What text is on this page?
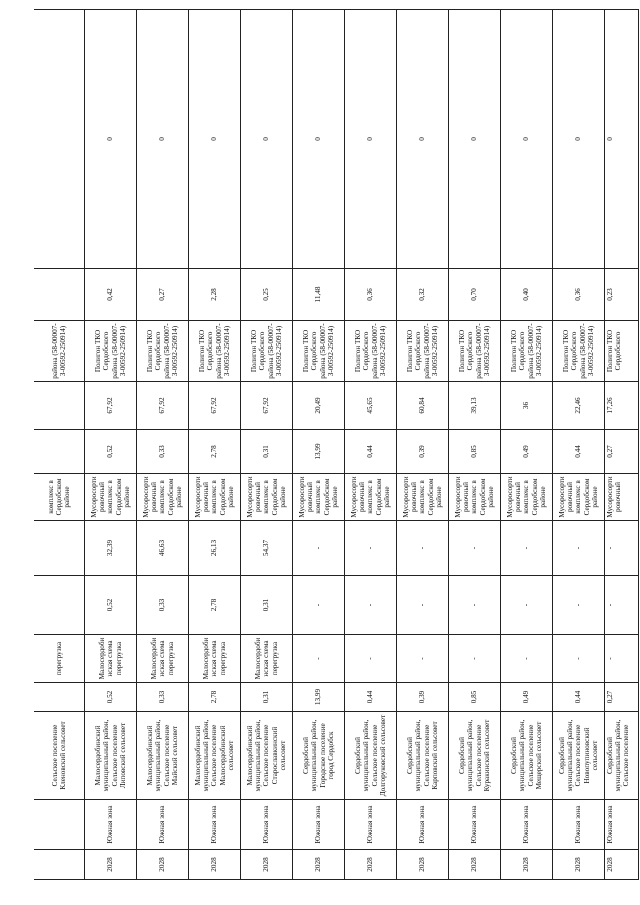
		Сельское поселение Кленовский сельсовет		перегрузка			комплекс в Сердобском районе			района (58-00007-З-00592-250914)		
2028	Южная зона	Малосердобинский муниципальный район, Сельское поселение Липовский сельсовет	0,52	Малосердобинская схема перегрузка	0,52	32,39	Мусоросортировочный комплекс в Сердобском районе	0,52	67,92	Полигон ТКО Сердобского района (58-00007-З-00592-250914)	0,42	0
2028	Южная зона	Малосердобинский муниципальный район, Сельское поселение Майский сельсовет	0,33	Малосердобинская схема перегрузка	0,33	46,63	Мусоросортировочный комплекс в Сердобском районе	0,33	67,92	Полигон ТКО Сердобского района (58-00007-З-00592-250914)	0,27	0
2028	Южная зона	Малосердобинский муниципальный район, Сельское поселение Малосердобинский сельсовет	2,78	Малосердобинская схема перегрузка	2,78	26,13	Мусоросортировочный комплекс в Сердобском районе	2,78	67,92	Полигон ТКО Сердобского района (58-00007-З-00592-250914)	2,28	0
2028	Южная зона	Малосердобинский муниципальный район, Сельское поселение Старославкинский сельсовет	0,31	Малосердобинская схема перегрузка	0,31	54,37	Мусоросортировочный комплекс в Сердобском районе	0,31	67,92	Полигон ТКО Сердобского района (58-00007-З-00592-250914)	0,25	0
2028	Южная зона	Сердобский муниципальный район, Городское поселение город Сердобск	13,99	-	-	-	Мусоросортировочный комплекс в Сердобском районе	13,99	20,49	Полигон ТКО Сердобского района (58-00007-З-00592-250914)	11,48	0
2028	Южная зона	Сердобский муниципальный район, Сельское поселение Долгоруковский сельсовет	0,44	-	-	-	Мусоросортировочный комплекс в Сердобском районе	0,44	45,65	Полигон ТКО Сердобского района (58-00007-З-00592-250914)	0,36	0
2028	Южная зона	Сердобский муниципальный район, Сельское поселение Карповский сельсовет	0,39	-	-	-	Мусоросортировочный комплекс в Сердобском районе	0,39	60,84	Полигон ТКО Сердобского района (58-00007-З-00592-250914)	0,32	0
2028	Южная зона	Сердобский муниципальный район, Сельское поселение Куракинский сельсовет	0,85	-	-	-	Мусоросортировочный комплекс в Сердобском районе	0,85	39,13	Полигон ТКО Сердобского района (58-00007-З-00592-250914)	0,70	0
2028	Южная зона	Сердобский муниципальный район, Сельское поселение Мещерский сельсовет	0,49	-	-	-	Мусоросортировочный комплекс в Сердобском районе	0,49	36	Полигон ТКО Сердобского района (58-00007-З-00592-250914)	0,40	0
2028	Южная зона	Сердобский муниципальный район, Сельское поселение Новопупиновский сельсовет	0,44	-	-	-	Мусоросортировочный комплекс в Сердобском районе	0,44	22,46	Полигон ТКО Сердобского района (58-00007-З-00592-250914)	0,36	0
2028	Южная зона	Сердобский муниципальный район, Сельское поселение	0,27	-	-	-	Мусоросортировочный	0,27	17,26	Полигон ТКО Сердобского	0,23	0
